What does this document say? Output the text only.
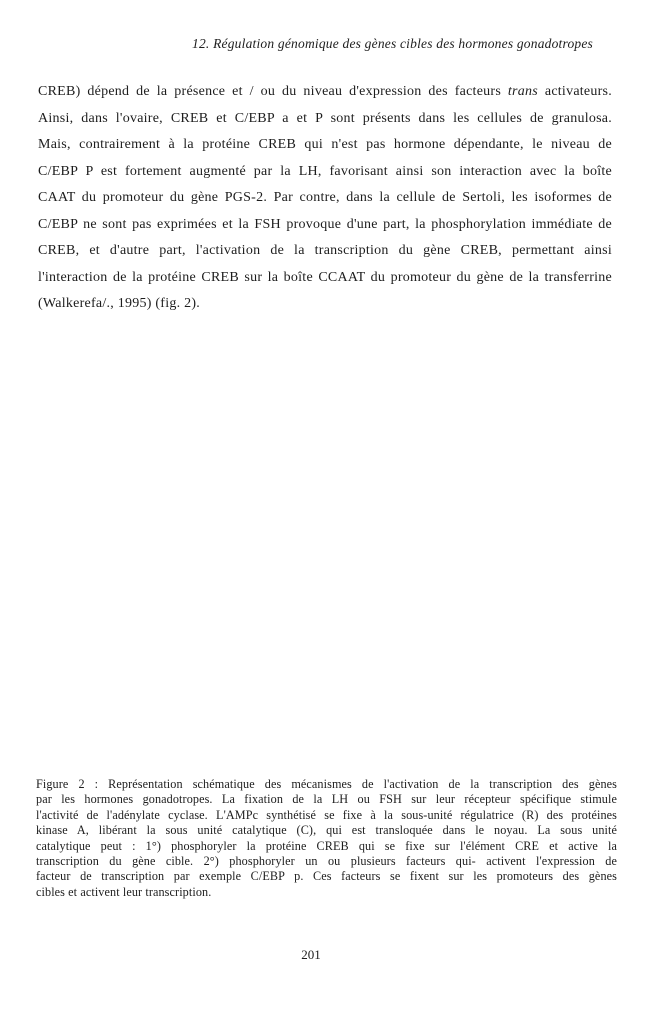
12. Régulation génomique des gènes cibles des hormones gonadotropes
CREB) dépend de la présence et / ou du niveau d'expression des facteurs trans activateurs.
Ainsi, dans l'ovaire, CREB et C/EBP a et P sont présents dans les cellules de granulosa.
Mais, contrairement à la protéine CREB qui n'est pas hormone dépendante, le niveau de
C/EBP P est fortement augmenté par la LH, favorisant ainsi son interaction avec la boîte
CAAT du promoteur du gène PGS-2. Par contre, dans la cellule de Sertoli, les isoformes de
C/EBP ne sont pas exprimées et la FSH provoque d'une part, la phosphorylation immédiate de
CREB, et d'autre part, l'activation de la transcription du gène CREB, permettant ainsi
l'interaction de la protéine CREB sur la boîte CCAAT du promoteur du gène de la transferrine
(Walkerefa/., 1995) (fig. 2).
Figure 2 : Représentation schématique des mécanismes de l'activation de la transcription des gènes
par les hormones gonadotropes. La fixation de la LH ou FSH sur leur récepteur spécifique stimule
l'activité de l'adénylate cyclase. L'AMPc synthétisé se fixe à la sous-unité régulatrice (R) des protéines
kinase A, libérant la sous unité catalytique (C), qui est transloquée dans le noyau. La sous unité
catalytique peut : 1°) phosphoryler la protéine CREB qui se fixe sur l'élément CRE et active la
transcription du gène cible. 2°) phosphoryler un ou plusieurs facteurs qui- activent l'expression de
facteur de transcription par exemple C/EBP p. Ces facteurs se fixent sur les promoteurs des gènes
cibles et activent leur transcription.
201
